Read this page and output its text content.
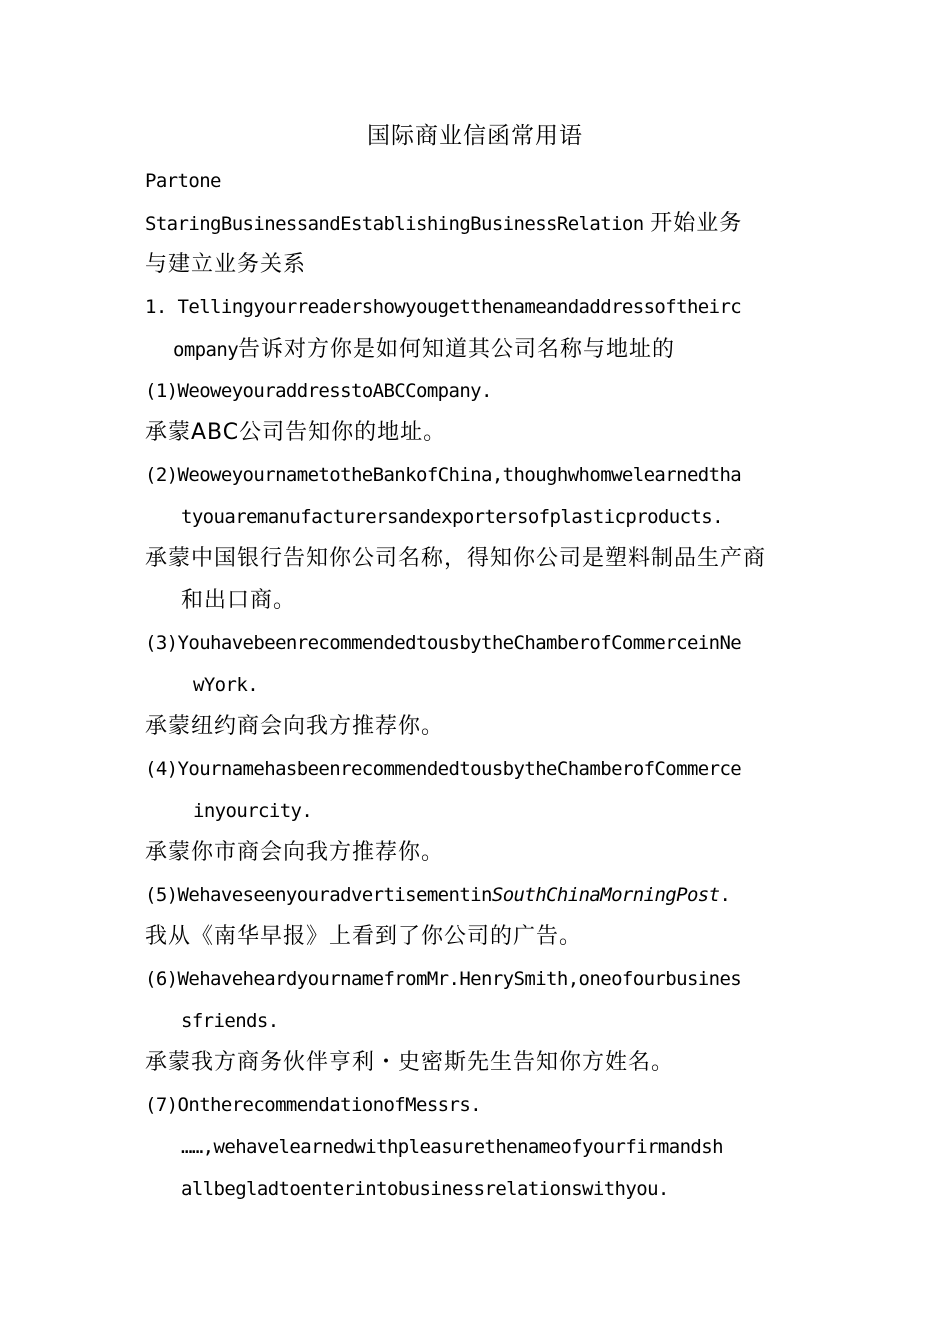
国际商业信函常用语
Partone
StaringBusinessandEstablishingBusinessRelation 开始业务
与建立业务关系
1. Tellingyourreadershowyougetthenameandaddressoftheirc
ompany告诉对方你是如何知道其公司名称与地址的
(1)WeoweyouraddresstoABCCompany.
承蒙ABC公司告知你的地址。
(2)WeoweyournametotheBankofChina,thoughwhomwelearnedtha
tyouaremanufacturersandexportersofplasticproducts.
承蒙中国银行告知你公司名称，得知你公司是塑料制品生产商
和出口商。
(3)YouhavebeenrecommendedtousbytheChamberofCommerceinNe
wYork.
承蒙纽约商会向我方推荐你。
(4)YournamehasbeenrecommendedtousbytheChamberofCommerce
inyourcity.
承蒙你市商会向我方推荐你。
(5)WehaveseenyouradvertisementinSouthChinaMorningPost.
我从《南华早报》上看到了你公司的广告。
(6)WehaveheardyournamefromMr.HenrySmith,oneofourbusines
sfriends.
承蒙我方商务伙伴亨利・史密斯先生告知你方姓名。
(7)OntherecommendationofMessrs.
……,wehavelearnedwithpleasurethenameofyourfirmandsh
allbegladtoenterintobusinessrelationswithyou.
